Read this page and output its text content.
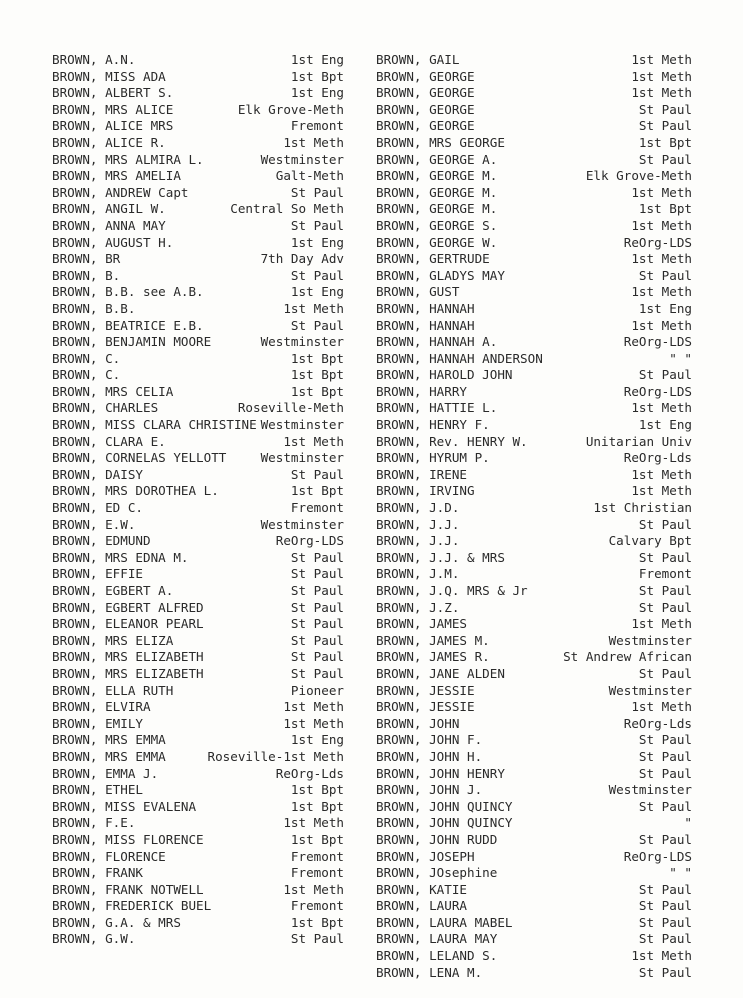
BROWN, A.N.	1st Eng
BROWN, MISS ADA	1st Bpt
BROWN, ALBERT S.	1st Eng
BROWN, MRS ALICE	Elk Grove-Meth
BROWN, ALICE MRS	Fremont
BROWN, ALICE R.	1st Meth
BROWN, MRS ALMIRA L.	Westminster
BROWN, MRS AMELIA	Galt-Meth
BROWN, ANDREW Capt	St Paul
BROWN, ANGIL W.	Central So Meth
BROWN, ANNA MAY	St Paul
BROWN, AUGUST H.	1st Eng
BROWN, BR	7th Day Adv
BROWN, B.	St Paul
BROWN, B.B. see A.B.	1st Eng
BROWN, B.B.	1st Meth
BROWN, BEATRICE E.B.	St Paul
BROWN, BENJAMIN MOORE	Westminster
BROWN, C.	1st Bpt
BROWN, C.	1st Bpt
BROWN, MRS CELIA	1st Bpt
BROWN, CHARLES	Roseville-Meth
BROWN, MISS CLARA CHRISTINE Westminster
BROWN, CLARA E.	1st Meth
BROWN, CORNELAS YELLOTT	Westminster
BROWN, DAISY	St Paul
BROWN, MRS DOROTHEA L.	1st Bpt
BROWN, ED C.	Fremont
BROWN, E.W.	Westminster
BROWN, EDMUND	ReOrg-LDS
BROWN, MRS EDNA M.	St Paul
BROWN, EFFIE	St Paul
BROWN, EGBERT A.	St Paul
BROWN, EGBERT ALFRED	St Paul
BROWN, ELEANOR PEARL	St Paul
BROWN, MRS ELIZA	St Paul
BROWN, MRS ELIZABETH	St Paul
BROWN, MRS ELIZABETH	St Paul
BROWN, ELLA RUTH	Pioneer
BROWN, ELVIRA	1st Meth
BROWN, EMILY	1st Meth
BROWN, MRS EMMA	1st Eng
BROWN, MRS EMMA	Roseville-1st Meth
BROWN, EMMA J.	ReOrg-Lds
BROWN, ETHEL	1st Bpt
BROWN, MISS EVALENA	1st Bpt
BROWN, F.E.	1st Meth
BROWN, MISS FLORENCE	1st Bpt
BROWN, FLORENCE	Fremont
BROWN, FRANK	Fremont
BROWN, FRANK NOTWELL	1st Meth
BROWN, FREDERICK BUEL	Fremont
BROWN, G.A. & MRS	1st Bpt
BROWN, G.W.	St Paul
BROWN, GAIL	1st Meth
BROWN, GEORGE	1st Meth
BROWN, GEORGE	1st Meth
BROWN, GEORGE	St Paul
BROWN, GEORGE	St Paul
BROWN, MRS GEORGE	1st Bpt
BROWN, GEORGE A.	St Paul
BROWN, GEORGE M.	Elk Grove-Meth
BROWN, GEORGE M.	1st Meth
BROWN, GEORGE M.	1st Bpt
BROWN, GEORGE S.	1st Meth
BROWN, GEORGE W.	ReOrg-LDS
BROWN, GERTRUDE	1st Meth
BROWN, GLADYS MAY	St Paul
BROWN, GUST	1st Meth
BROWN, HANNAH	1st Eng
BROWN, HANNAH	1st Meth
BROWN, HANNAH A.	ReOrg-LDS
BROWN, HANNAH ANDERSON	" "
BROWN, HAROLD JOHN	St Paul
BROWN, HARRY	ReOrg-LDS
BROWN, HATTIE L.	1st Meth
BROWN, HENRY F.	1st Eng
BROWN, Rev. HENRY W.	Unitarian Univ
BROWN, HYRUM P.	ReOrg-Lds
BROWN, IRENE	1st Meth
BROWN, IRVING	1st Meth
BROWN, J.D.	1st Christian
BROWN, J.J.	St Paul
BROWN, J.J.	Calvary Bpt
BROWN, J.J. & MRS	St Paul
BROWN, J.M.	Fremont
BROWN, J.Q. MRS & Jr	St Paul
BROWN, J.Z.	St Paul
BROWN, JAMES	1st Meth
BROWN, JAMES M.	Westminster
BROWN, JAMES R.	St Andrew African
BROWN, JANE ALDEN	St Paul
BROWN, JESSIE	Westminster
BROWN, JESSIE	1st Meth
BROWN, JOHN	ReOrg-Lds
BROWN, JOHN F.	St Paul
BROWN, JOHN H.	St Paul
BROWN, JOHN HENRY	St Paul
BROWN, JOHN J.	Westminster
BROWN, JOHN QUINCY	St Paul
BROWN, JOHN QUINCY	"
BROWN, JOHN RUDD	St Paul
BROWN, JOSEPH	ReOrg-LDS
BROWN, JOsephine	" "
BROWN, KATIE	St Paul
BROWN, LAURA	St Paul
BROWN, LAURA MABEL	St Paul
BROWN, LAURA MAY	St Paul
BROWN, LELAND S.	1st Meth
BROWN, LENA M.	St Paul
